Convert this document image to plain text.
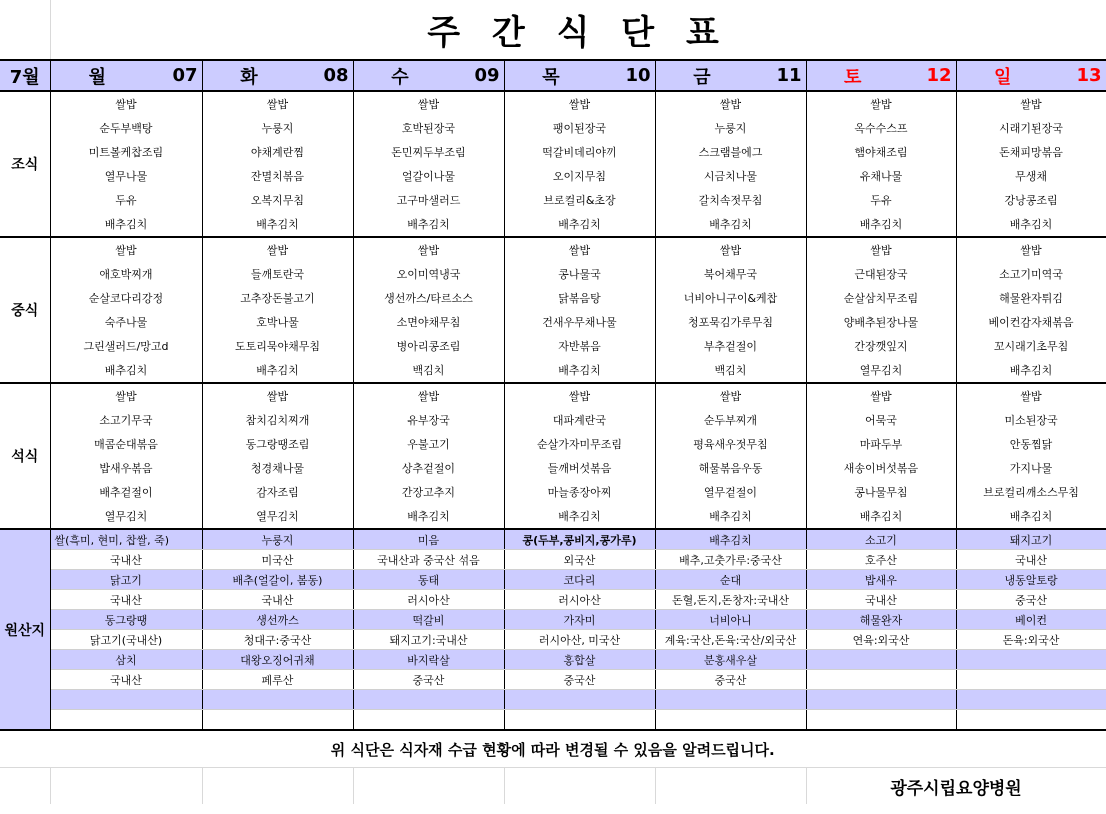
	주 간 식 단 표						
7월	월 07	화 08	수 09	목 10	금 11	토 12	일 13

조식	쌀밥	쌀밥	쌀밥	쌀밥	쌀밥	쌀밥	쌀밥
	순두부백탕	누룽지	호박된장국	팽이된장국	누룽지	옥수수스프	시래기된장국
	미트볼케찹조림	야채계란찜	돈민찌두부조림	떡갈비데리야끼	스크램블에그	햄야채조림	돈채피망볶음
	열무나물	잔멸치볶음	얼갈이나물	오이지무침	시금치나물	유채나물	무생채
	두유	오복지무침	고구마샐러드	브로컬리&초장	갈치속젓무침	두유	강낭콩조림
	배추김치	배추김치	배추김치	배추김치	배추김치	배추김치	배추김치
중식	쌀밥	쌀밥	쌀밥	쌀밥	쌀밥	쌀밥	쌀밥
	애호박찌개	들깨토란국	오이미역냉국	콩나물국	북어채무국	근대된장국	소고기미역국
	순살코다리강정	고추장돈불고기	생선까스/타르소스	닭볶음탕	너비아니구이&케찹	순살삼치무조림	해물완자튀김
	숙주나물	호박나물	소면야채무침	건새우무채나물	청포묵김가루무침	양배추된장나물	베이컨감자채볶음
	그린샐러드/망고d	도토리묵야채무침	병아리콩조림	자반볶음	부추겉절이	간장깻잎지	꼬시래기초무침
	배추김치	배추김치	백김치	배추김치	백김치	열무김치	배추김치
석식	쌀밥	쌀밥	쌀밥	쌀밥	쌀밥	쌀밥	쌀밥
	소고기무국	참치김치찌개	유부장국	대파계란국	순두부찌개	어묵국	미소된장국
	매콤순대볶음	동그랑땡조림	우불고기	순살가자미무조림	평육새우젓무침	마파두부	안동찜닭
	밥새우볶음	청경채나물	상추겉절이	들깨버섯볶음	해물볶음우동	새송이버섯볶음	가지나물
	배추겉절이	감자조림	간장고추지	마늘종장아찌	열무겉절이	콩나물무침	브로컬리깨소스무침
	열무김치	열무김치	배추김치	배추김치	배추김치	배추김치	배추김치
원산지	쌀(흑미, 현미, 찹쌀, 죽)	누룽지	미음	콩(두부,콩비지,콩가루)	배추김치	소고기	돼지고기
	국내산	미국산	국내산과 중국산 섞음	외국산	배추,고춧가루:중국산	호주산	국내산
	닭고기	배추(얼갈이, 봄동)	동태	코다리	순대	밥새우	냉동알토랑
	국내산	국내산	러시아산	러시아산	돈혈,돈지,돈창자:국내산	국내산	중국산
	동그랑땡	생선까스	떡갈비	가자미	너비아니	해물완자	베이컨
	닭고기(국내산)	청대구:중국산	돼지고기:국내산	러시아산, 미국산	계육:국산,돈육:국산/외국산	연육:외국산	돈육:외국산
	삼치	대왕오징어귀채	바지락살	홍합살	분홍새우살		
	국내산	페루산	중국산	중국산	중국산		

위 식단은 식자재 수급 현황에 따라 변경될 수 있음을 알려드립니다.							
						광주시립요양병원	
